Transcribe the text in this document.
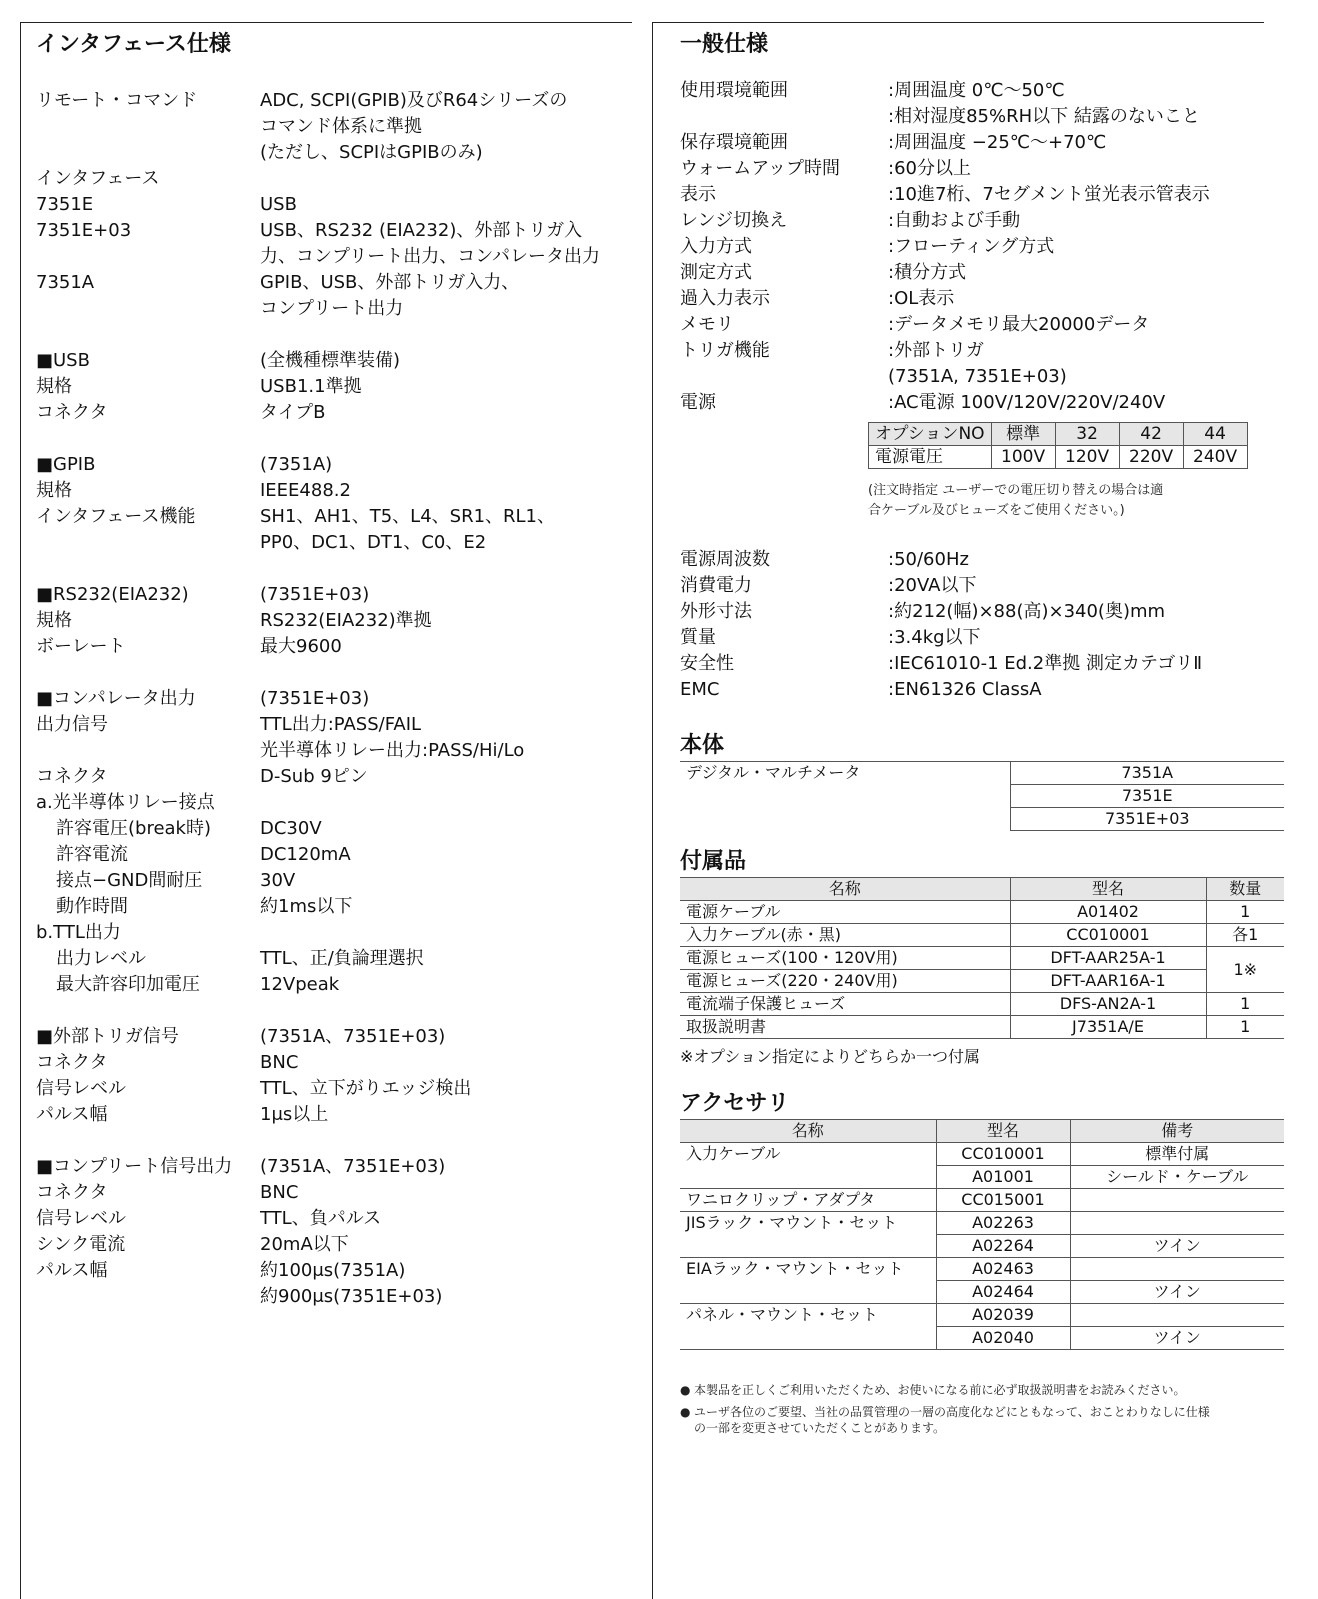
インタフェース仕様
リモート・コマンド	ADC, SCPI(GPIB)及びR64シリーズの
コマンド体系に準拠
(ただし、SCPIはGPIBのみ)
インタフェース
7351E	USB
7351E+03	USB、RS232 (EIA232)、外部トリガ入
力、コンプリート出力、コンパレータ出力
7351A	GPIB、USB、外部トリガ入力、
コンプリート出力
■USB	(全機種標準装備)
規格	USB1.1準拠
コネクタ	タイプB
■GPIB	(7351A)
規格	IEEE488.2
インタフェース機能	SH1、AH1、T5、L4、SR1、RL1、
PP0、DC1、DT1、C0、E2
■RS232(EIA232)	(7351E+03)
規格	RS232(EIA232)準拠
ボーレート	最大9600
■コンパレータ出力	(7351E+03)
出力信号	TTL出力:PASS/FAIL
光半導体リレー出力:PASS/Hi/Lo
コネクタ	D-Sub 9ピン
a.光半導体リレー接点
許容電圧(break時)	DC30V
許容電流	DC120mA
接点−GND間耐圧	30V
動作時間	約1ms以下
b.TTL出力
出力レベル	TTL、正/負論理選択
最大許容印加電圧	12Vpeak
■外部トリガ信号	(7351A、7351E+03)
コネクタ	BNC
信号レベル	TTL、立下がりエッジ検出
パルス幅	1μs以上
■コンプリート信号出力	(7351A、7351E+03)
コネクタ	BNC
信号レベル	TTL、負パルス
シンク電流	20mA以下
パルス幅	約100μs(7351A)
約900μs(7351E+03)
一般仕様
使用環境範囲	:周囲温度 0℃〜50℃
:相対湿度85%RH以下 結露のないこと
保存環境範囲	:周囲温度 −25℃〜+70℃
ウォームアップ時間	:60分以上
表示	:10進7桁、7セグメント蛍光表示管表示
レンジ切換え	:自動および手動
入力方式	:フローティング方式
測定方式	:積分方式
過入力表示	:OL表示
メモリ	:データメモリ最大20000データ
トリガ機能	:外部トリガ
(7351A, 7351E+03)
電源	:AC電源 100V/120V/220V/240V
オプションNO	標準	32	42	44
電源電圧	100V	120V	220V	240V
(注文時指定 ユーザーでの電圧切り替えの場合は適
合ケーブル及びヒューズをご使用ください。)
電源周波数	:50/60Hz
消費電力	:20VA以下
外形寸法	:約212(幅)×88(高)×340(奥)mm
質量	:3.4kg以下
安全性	:IEC61010-1 Ed.2準拠 測定カテゴリⅡ
EMC	:EN61326 ClassA
本体
デジタル・マルチメータ	7351A
7351E
7351E+03
付属品
名称	型名	数量
電源ケーブル	A01402	1
入力ケーブル(赤・黒)	CC010001	各1
電源ヒューズ(100・120V用)	DFT-AAR25A-1	1※
電源ヒューズ(220・240V用)	DFT-AAR16A-1	
電流端子保護ヒューズ	DFS-AN2A-1	1
取扱説明書	J7351A/E	1
※オプション指定によりどちらか一つ付属
アクセサリ
名称	型名	備考
入力ケーブル	CC010001	標準付属
	A01001	シールド・ケーブル
ワニロクリップ・アダプタ	CC015001	
JISラック・マウント・セット	A02263	
	A02264	ツイン
EIAラック・マウント・セット	A02463	
	A02464	ツイン
パネル・マウント・セット	A02039	
	A02040	ツイン
● 本製品を正しくご利用いただくため、お使いになる前に必ず取扱説明書をお読みください。
● ユーザ各位のご要望、当社の品質管理の一層の高度化などにともなって、おことわりなしに仕様
の一部を変更させていただくことがあります。
